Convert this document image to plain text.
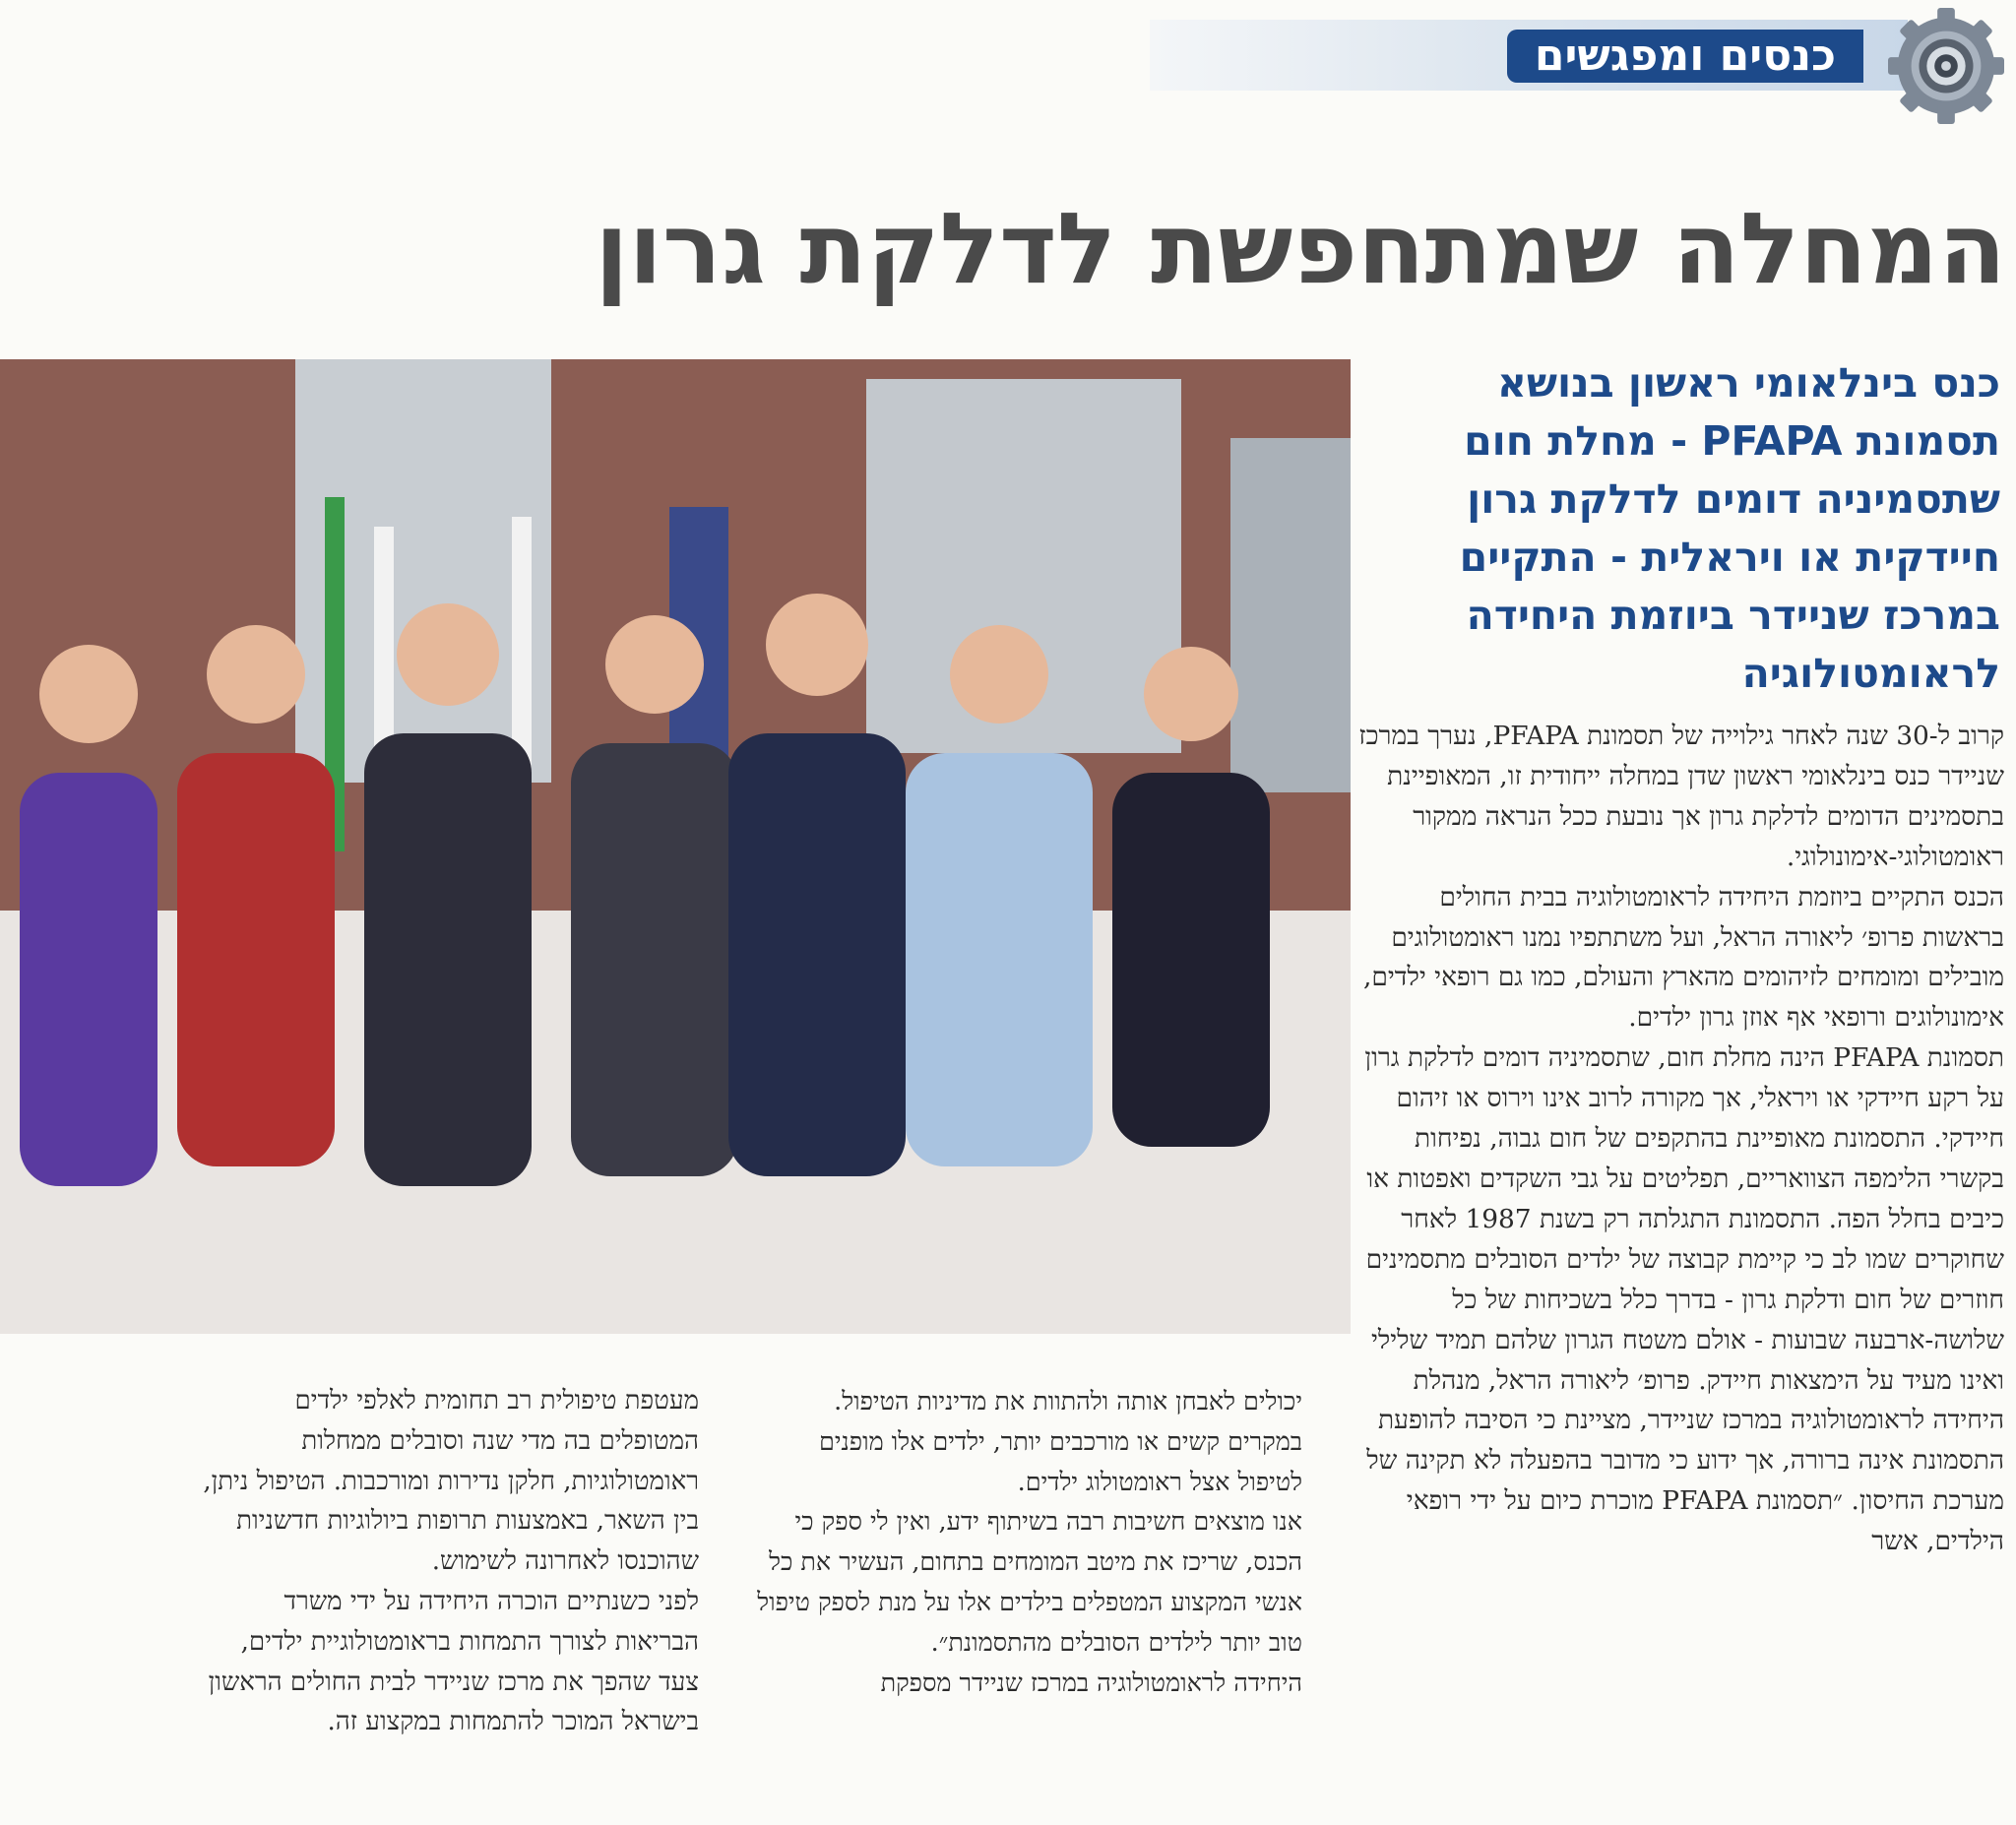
כנסים ומפגשים
המחלה שמתחפשת לדלקת גרון
כנס בינלאומי ראשון בנושא תסמונת PFAPA - מחלת חום שתסמיניה דומים לדלקת גרון חיידקית או ויראלית - התקיים במרכז שניידר ביוזמת היחידה לראומטולוגיה

קרוב ל-30 שנה לאחר גילוייה של תסמונת PFAPA, נערך במרכז שניידר כנס בינלאומי ראשון שדן במחלה ייחודית זו, המאופיינת בתסמינים הדומים לדלקת גרון אך נובעת ככל הנראה ממקור ראומטולוגי-אימונולוגי.

הכנס התקיים ביוזמת היחידה לראומטולוגיה בבית החולים בראשות פרופ׳ ליאורה הראל, ועל משתתפיו נמנו ראומטולוגים מובילים ומומחים לזיהומים מהארץ והעולם, כמו גם רופאי ילדים, אימונולוגים ורופאי אף אוזן גרון ילדים.

תסמונת PFAPA הינה מחלת חום, שתסמיניה דומים לדלקת גרון על רקע חיידקי או ויראלי, אך מקורה לרוב אינו וירוס או זיהום חיידקי. התסמונת מאופיינת בהתקפים של חום גבוה, נפיחות בקשרי הלימפה הצוואריים, תפליטים על גבי השקדים ואפטות או כיבים בחלל הפה. התסמונת התגלתה רק בשנת 1987 לאחר שחוקרים שמו לב כי קיימת קבוצה של ילדים הסובלים מתסמינים חוזרים של חום ודלקת גרון - בדרך כלל בשכיחות של כל שלושה-ארבעה שבועות - אולם משטח הגרון שלהם תמיד שלילי ואינו מעיד על הימצאות חיידק. פרופ׳ ליאורה הראל, מנהלת היחידה לראומטולוגיה במרכז שניידר, מציינת כי הסיבה להופעת התסמונת אינה ברורה, אך ידוע כי מדובר בהפעלה לא תקינה של מערכת החיסון. ״תסמונת PFAPA מוכרת כיום על ידי רופאי הילדים, אשר

יכולים לאבחן אותה ולהתוות את מדיניות הטיפול. במקרים קשים או מורכבים יותר, ילדים אלו מופנים לטיפול אצל ראומטולוג ילדים.

אנו מוצאים חשיבות רבה בשיתוף ידע, ואין לי ספק כי הכנס, שריכז את מיטב המומחים בתחום, העשיר את כל אנשי המקצוע המטפלים בילדים אלו על מנת לספק טיפול טוב יותר לילדים הסובלים מהתסמונת״.

היחידה לראומטולוגיה במרכז שניידר מספקת

מעטפת טיפולית רב תחומית לאלפי ילדים המטופלים בה מדי שנה וסובלים ממחלות ראומטולוגיות, חלקן נדירות ומורכבות. הטיפול ניתן, בין השאר, באמצעות תרופות ביולוגיות חדשניות שהוכנסו לאחרונה לשימוש.

לפני כשנתיים הוכרה היחידה על ידי משרד הבריאות לצורך התמחות בראומטולוגיית ילדים, צעד שהפך את מרכז שניידר לבית החולים הראשון בישראל המוכר להתמחות במקצוע זה.
